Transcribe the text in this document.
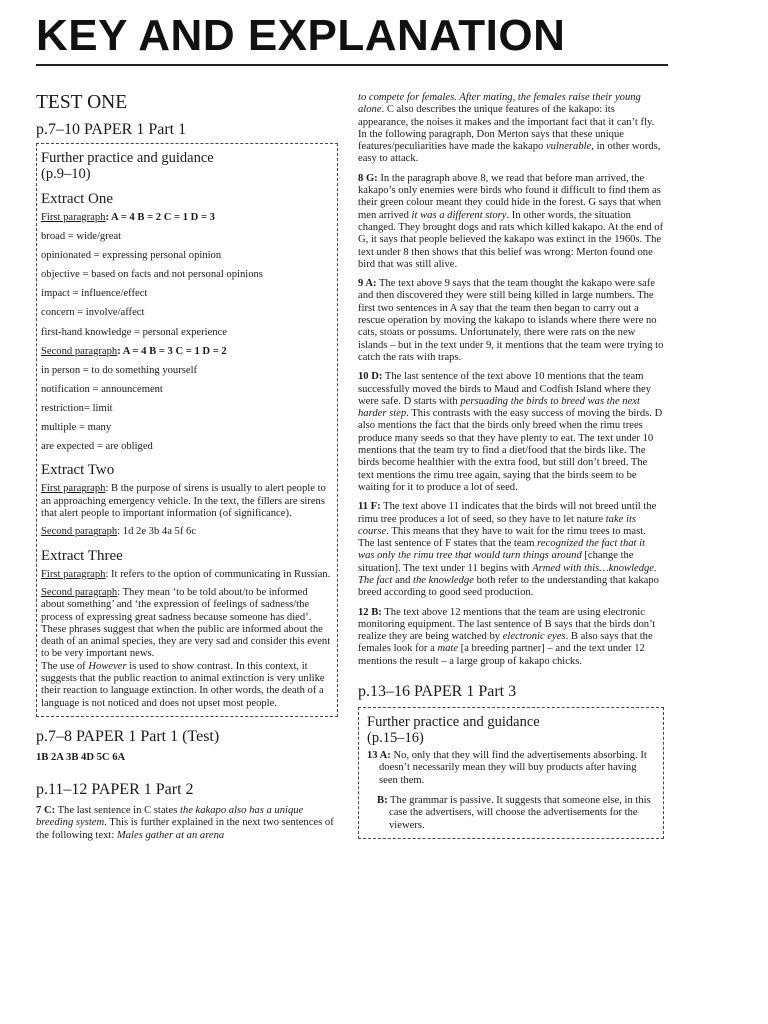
KEY AND EXPLANATION
TEST ONE
p.7–10 PAPER 1 Part 1
Further practice and guidance
(p.9–10)
Extract One

First paragraph: A = 4 B = 2 C = 1 D = 3

broad = wide/great

opinionated = expressing personal opinion

objective = based on facts and not personal opinions

impact = influence/effect

concern = involve/affect

first-hand knowledge = personal experience

Second paragraph: A = 4 B = 3 C = 1 D = 2

in person = to do something yourself

notification = announcement

restriction= limit

multiple = many

are expected = are obliged

Extract Two

First paragraph: B the purpose of sirens is usually to alert people to an approaching emergency vehicle. In the text, the fillers are sirens that alert people to important information (of significance).

Second paragraph: 1d 2e 3b 4a 5f 6c

Extract Three

First paragraph: It refers to the option of communicating in Russian.

Second paragraph: They mean ‘to be told about/to be informed about something’ and ‘the expression of feelings of sadness/the process of expressing great sadness because someone has died’. These phrases suggest that when the public are informed about the death of an animal species, they are very sad and consider this event to be very important news.

The use of However is used to show contrast. In this context, it suggests that the public reaction to animal extinction is very unlike their reaction to language extinction. In other words, the death of a language is not noticed and does not upset most people.

p.7–8 PAPER 1 Part 1 (Test)

1B 2A 3B 4D 5C 6A

p.11–12 PAPER 1 Part 2

7 C: The last sentence in C states the kakapo also has a unique breeding system. This is further explained in the next two sentences of the following text: Males gather at an arena

to compete for females. After mating, the females raise their young alone. C also describes the unique features of the kakapo: its appearance, the noises it makes and the important fact that it can’t fly. In the following paragraph, Don Merton says that these unique features/peculiarities have made the kakapo vulnerable, in other words, easy to attack.

8 G: In the paragraph above 8, we read that before man arrived, the kakapo’s only enemies were birds who found it difficult to find them as their green colour meant they could hide in the forest. G says that when men arrived it was a different story. In other words, the situation changed. They brought dogs and rats which killed kakapo. At the end of G, it says that people believed the kakapo was extinct in the 1960s. The text under 8 then shows that this belief was wrong: Merton found one bird that was still alive.

9 A: The text above 9 says that the team thought the kakapo were safe and then discovered they were still being killed in large numbers. The first two sentences in A say that the team then began to carry out a rescue operation by moving the kakapo to islands where there were no cats, stoats or possums. Unfortunately, there were rats on the new islands – but in the text under 9, it mentions that the team were trying to catch the rats with traps.

10 D: The last sentence of the text above 10 mentions that the team successfully moved the birds to Maud and Codfish Island where they were safe. D starts with persuading the birds to breed was the next harder step. This contrasts with the easy success of moving the birds. D also mentions the fact that the birds only breed when the rimu trees produce many seeds so that they have plenty to eat. The text under 10 mentions that the team try to find a diet/food that the birds like. The birds become healthier with the extra food, but still don’t breed. The text mentions the rimu tree again, saying that the birds seem to be waiting for it to produce a lot of seed.

11 F: The text above 11 indicates that the birds will not breed until the rimu tree produces a lot of seed, so they have to let nature take its course. This means that they have to wait for the rimu trees to mast. The last sentence of F states that the team recognized the fact that it was only the rimu tree that would turn things around [change the situation]. The text under 11 begins with Armed with this…knowledge. The fact and the knowledge both refer to the understanding that kakapo breed according to good seed production.

12 B: The text above 12 mentions that the team are using electronic monitoring equipment. The last sentence of B says that the birds don’t realize they are being watched by electronic eyes. B also says that the females look for a mate [a breeding partner] – and the text under 12 mentions the result – a large group of kakapo chicks.

p.13–16 PAPER 1 Part 3
Further practice and guidance
(p.15–16)

13 A: No, only that they will find the advertisements absorbing. It doesn’t necessarily mean they will buy products after having seen them.

B: The grammar is passive. It suggests that someone else, in this case the advertisers, will choose the advertisements for the viewers.
